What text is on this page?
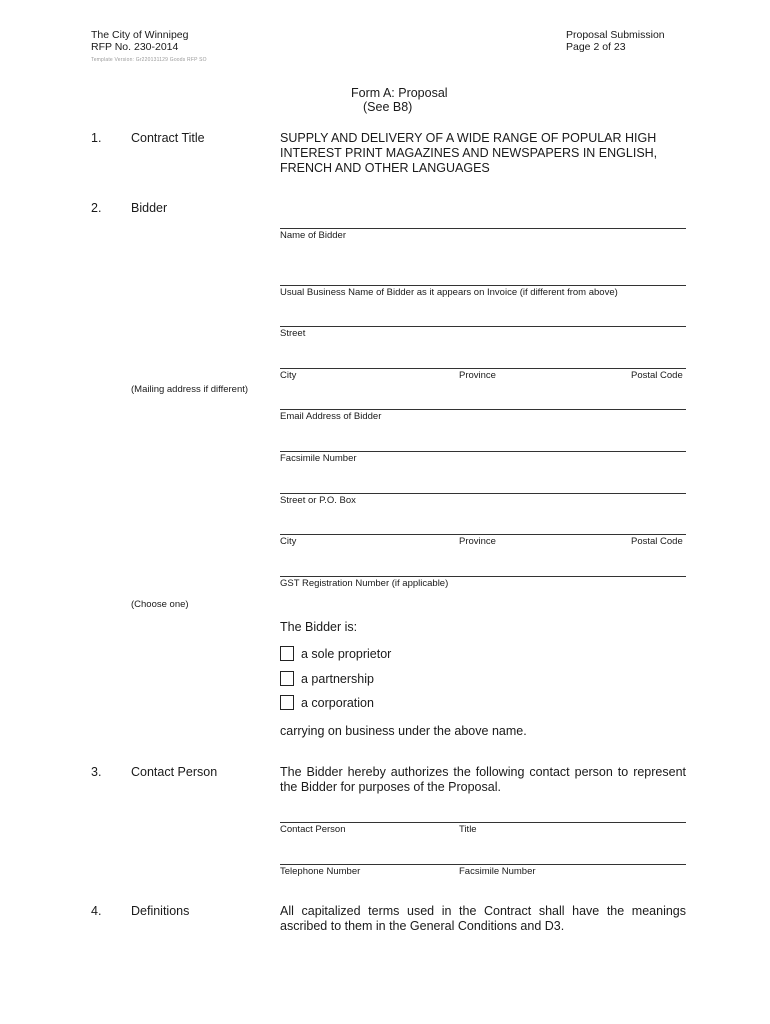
The City of Winnipeg
RFP No. 230-2014
Template Version: Gr220131129 Goods RFP SO
Proposal Submission
Page 2 of 23
Form A: Proposal
(See B8)
1. Contract Title	SUPPLY AND DELIVERY OF A WIDE RANGE OF POPULAR HIGH INTEREST PRINT MAGAZINES AND NEWSPAPERS IN ENGLISH, FRENCH AND OTHER LANGUAGES
2. Bidder
Name of Bidder
Usual Business Name of Bidder as it appears on Invoice (if different from above)
Street
City	Province	Postal Code
(Mailing address if different)
Email Address of Bidder
Facsimile Number
Street or P.O. Box
City	Province	Postal Code
GST Registration Number (if applicable)
(Choose one)
The Bidder is:
a sole proprietor
a partnership
a corporation
carrying on business under the above name.
3. Contact Person	The Bidder hereby authorizes the following contact person to represent the Bidder for purposes of the Proposal.
Contact Person	Title
Telephone Number	Facsimile Number
4. Definitions	All capitalized terms used in the Contract shall have the meanings ascribed to them in the General Conditions and D3.
